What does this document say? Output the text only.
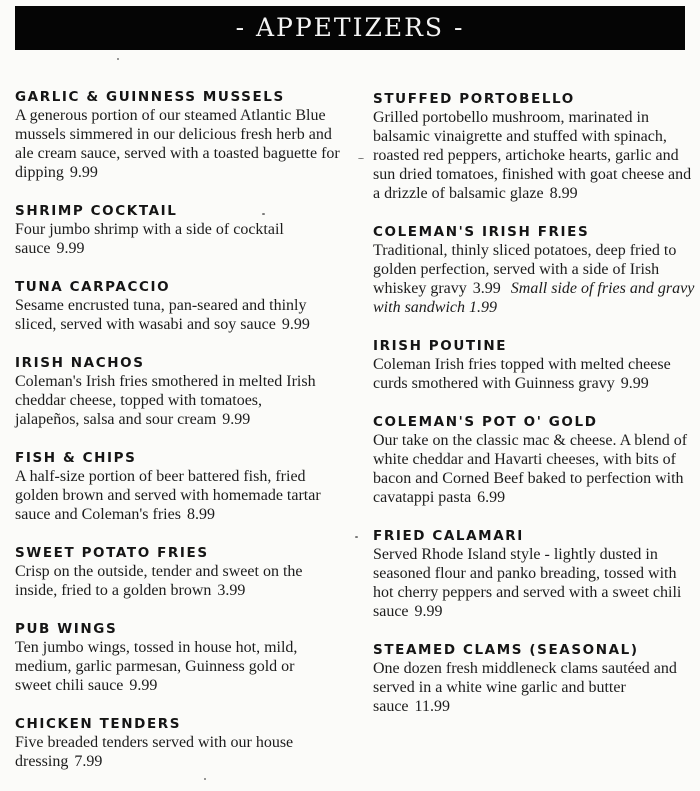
- APPETIZERS -
GARLIC & GUINNESS MUSSELS
A generous portion of our steamed Atlantic Blue mussels simmered in our delicious fresh herb and ale cream sauce, served with a toasted baguette for dipping 9.99
SHRIMP COCKTAIL
Four jumbo shrimp with a side of cocktail sauce 9.99
TUNA CARPACCIO
Sesame encrusted tuna, pan-seared and thinly sliced, served with wasabi and soy sauce 9.99
IRISH NACHOS
Coleman's Irish fries smothered in melted Irish cheddar cheese, topped with tomatoes, jalapeños, salsa and sour cream 9.99
FISH & CHIPS
A half-size portion of beer battered fish, fried golden brown and served with homemade tartar sauce and Coleman's fries 8.99
SWEET POTATO FRIES
Crisp on the outside, tender and sweet on the inside, fried to a golden brown 3.99
PUB WINGS
Ten jumbo wings, tossed in house hot, mild, medium, garlic parmesan, Guinness gold or sweet chili sauce 9.99
CHICKEN TENDERS
Five breaded tenders served with our house dressing 7.99
STUFFED PORTOBELLO
Grilled portobello mushroom, marinated in balsamic vinaigrette and stuffed with spinach, roasted red peppers, artichoke hearts, garlic and sun dried tomatoes, finished with goat cheese and a drizzle of balsamic glaze 8.99
COLEMAN'S IRISH FRIES
Traditional, thinly sliced potatoes, deep fried to golden perfection, served with a side of Irish whiskey gravy 3.99 Small side of fries and gravy with sandwich 1.99
IRISH POUTINE
Coleman Irish fries topped with melted cheese curds smothered with Guinness gravy 9.99
COLEMAN'S POT O' GOLD
Our take on the classic mac & cheese. A blend of white cheddar and Havarti cheeses, with bits of bacon and Corned Beef baked to perfection with cavatappi pasta 6.99
FRIED CALAMARI
Served Rhode Island style - lightly dusted in seasoned flour and panko breading, tossed with hot cherry peppers and served with a sweet chili sauce 9.99
STEAMED CLAMS (SEASONAL)
One dozen fresh middleneck clams sautéed and served in a white wine garlic and butter sauce 11.99
